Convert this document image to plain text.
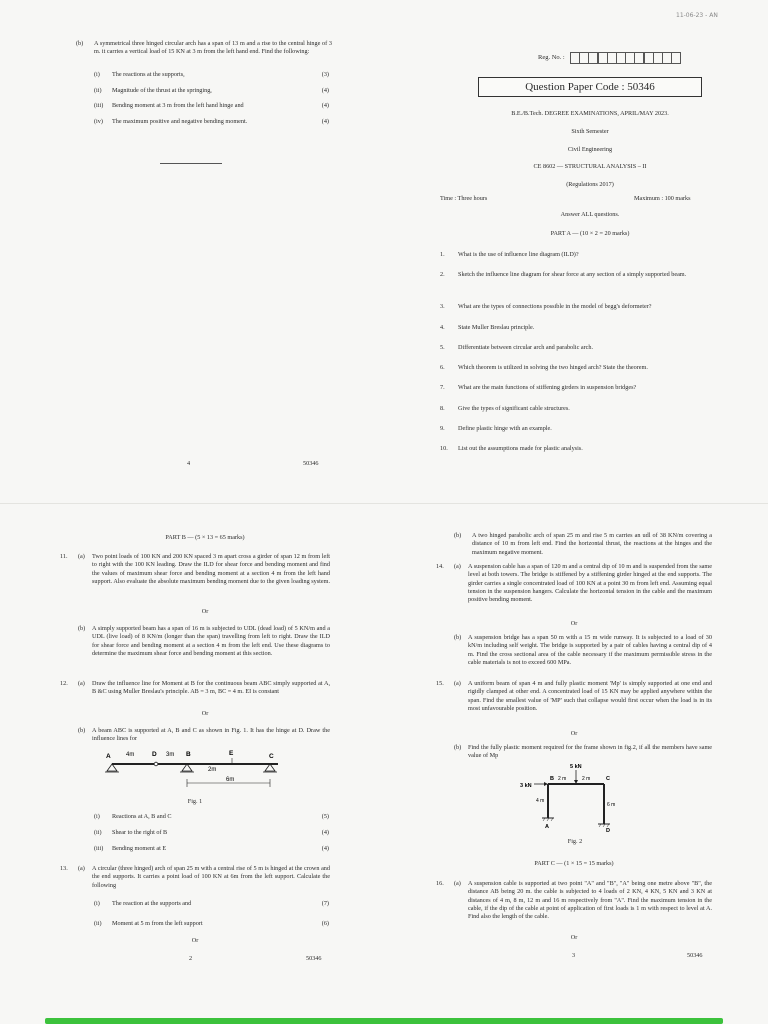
11-06-23 - AN
Reg. No. :
Question Paper Code : 50346
B.E./B.Tech. DEGREE EXAMINATIONS, APRIL/MAY 2023.
Sixth Semester
Civil Engineering
CE 8602 — STRUCTURAL ANALYSIS – II
(Regulations 2017)
Time : Three hours	Maximum : 100 marks
Answer ALL questions.
PART A — (10 × 2 = 20 marks)
1.	What is the use of influence line diagram (ILD)?
2.	Sketch the influence line diagram for shear force at any section of a simply supported beam.
3.	What are the types of connections possible in the model of begg's deformeter?
4.	State Muller Breslau principle.
5.	Differentiate between circular arch and parabolic arch.
6.	Which theorem is utilized in solving the two hinged arch? State the theorem.
7.	What are the main functions of stiffening girders in suspension bridges?
8.	Give the types of significant cable structures.
9.	Define plastic hinge with an example.
10.	List out the assumptions made for plastic analysis.
(b)	A symmetrical three hinged circular arch has a span of 13 m and a rise to the central hinge of 3 m. it carries a vertical load of 15 KN at 3 m from the left hand end. Find the following:
(i)	The reactions at the supports,	(3)
(ii)	Magnitude of the thrust at the springing,	(4)
(iii)	Bending moment at 3 m from the left hand hinge and	(4)
(iv)	The maximum positive and negative bending moment.	(4)
4	50346
PART B — (5 × 13 = 65 marks)
11.	(a)	Two point loads of 100 KN and 200 KN spaced 3 m apart cross a girder of span 12 m from left to right with the 100 KN leading. Draw the ILD for shear force and bending moment and find the values of maximum shear force and bending moment at a section 4 m from the left hand support. Also evaluate the absolute maximum bending moment due to the given loading system.
Or
(b)	A simply supported beam has a span of 16 m is subjected to UDL (dead load) of 5 KN/m and a UDL (live load) of 8 KN/m (longer than the span) travelling from left to right. Draw the ILD for shear force and bending moment at a section 4 m from the left end. Use these diagrams to determine the maximum shear force and bending moment at this section.
12.	(a)	Draw the influence line for Moment at B for the continuous beam ABC simply supported at A, B &C using Muller Breslau's principle. AB = 3 m, BC = 4 m. EI is constant
Or
(b)	A beam ABC is supported at A, B and C as shown in Fig. 1. It has the hinge at D. Draw the influence lines for
A	D	B	E	C
4m	3m
2m
6m
Fig. 1
(i)	Reactions at A, B and C	(5)
(ii)	Shear to the right of B	(4)
(iii)	Bending moment at E	(4)
13.	(a)	A circular (three hinged) arch of span 25 m with a central rise of 5 m is hinged at the crown and the end supports. It carries a point load of 100 KN at 6m from the left support. Calculate the following
(i)	The reaction at the supports and	(7)
(ii)	Moment at 5 m from the left support	(6)
Or
2	50346
(b)	A two hinged parabolic arch of span 25 m and rise 5 m carries an udl of 38 KN/m covering a distance of 10 m from left end. Find the horizontal thrust, the reactions at the hinges and the maximum negative moment.
14.	(a)	A suspension cable has a span of 120 m and a central dip of 10 m and is suspended from the same level at both towers. The bridge is stiffened by a stiffening girder hinged at the end supports. The girder carries a single concentrated load of 100 KN at a point 30 m from left end. Assuming equal tension in the suspension hangers. Calculate the horizontal tension in the cable and the maximum positive bending moment.
Or
(b)	A suspension bridge has a span 50 m with a 15 m wide runway. It is subjected to a load of 30 kN/m including self weight. The bridge is supported by a pair of cables having a central dip of 4 m. Find the cross sectional area of the cable necessary if the maximum permissible stress in the cable materials is not to exceed 600 MPa.
15.	(a)	A uniform beam of span 4 m and fully plastic moment 'Mp' is simply supported at one end and rigidly clamped at other end. A concentrated load of 15 KN may be applied anywhere within the span. Find the smallest value of 'MP' such that collapse would first occur when the load is in its most unfavourable position.
Or
(b)	Find the fully plastic moment required for the frame shown in fig.2, if all the members have same value of Mp
5 kN
3 kN
B	C
A
D
2 m	2 m
4 m
6 m
Fig. 2
PART C — (1 × 15 = 15 marks)
16.	(a)	A suspension cable is supported at two point "A" and "B", "A" being one metre above "B", the distance AB being 20 m. the cable is subjected to 4 loads of 2 KN, 4 KN, 5 KN and 3 KN at distances of 4 m, 8 m, 12 m and 16 m respectively from "A". Find the maximum tension in the cable, if the dip of the cable at point of application of first loads is 1 m with respect to level at A. Find also the length of the cable.
Or
3	50346
